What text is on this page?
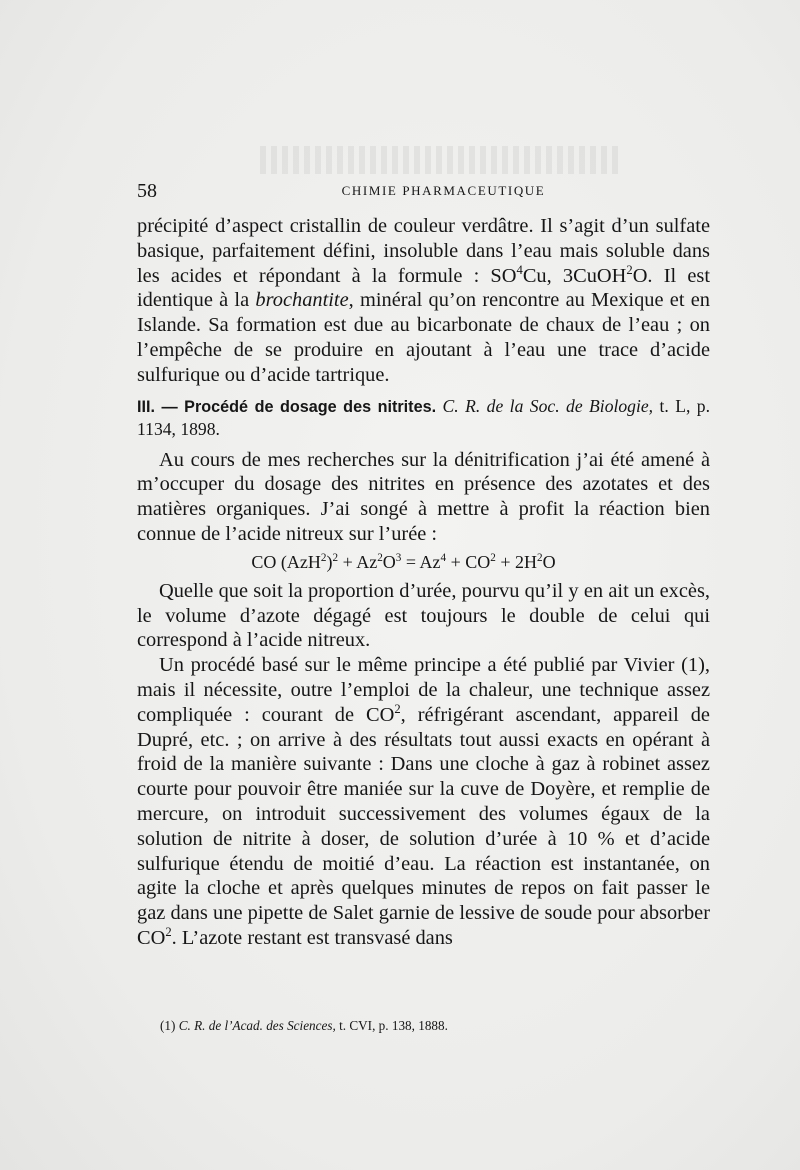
58	CHIMIE PHARMACEUTIQUE

précipité d’aspect cristallin de couleur verdâtre. Il s’agit d’un sulfate basique, parfaitement défini, insoluble dans l’eau mais soluble dans les acides et répondant à la formule : $SO^4Cu$, 3CuOH$^2$O. Il est identique à la brochantite, minéral qu’on rencontre au Mexique et en Islande. Sa formation est due au bicarbonate de chaux de l’eau ; on l’empêche de se produire en ajoutant à l’eau une trace d’acide sulfurique ou d’acide tartrique.

III. — Procédé de dosage des nitrites. C. R. de la Soc. de Biologie, t. L, p. 1134, 1898.

Au cours de mes recherches sur la dénitrification j’ai été amené à m’occuper du dosage des nitrites en présence des azotates et des matières organiques. J’ai songé à mettre à profit la réaction bien connue de l’acide nitreux sur l’urée :

CO $(AzH^2)^2 + Az^2O^3 = Az^4 + CO^2 + 2H^2O$

Quelle que soit la proportion d’urée, pourvu qu’il y en ait un excès, le volume d’azote dégagé est toujours le double de celui qui correspond à l’acide nitreux.

Un procédé basé sur le même principe a été publié par Vivier (1), mais il nécessite, outre l’emploi de la chaleur, une technique assez compliquée : courant de $CO^2$, réfrigérant ascendant, appareil de Dupré, etc. ; on arrive à des résultats tout aussi exacts en opérant à froid de la manière suivante : Dans une cloche à gaz à robinet assez courte pour pouvoir être maniée sur la cuve de Doyère, et remplie de mercure, on introduit successivement des volumes égaux de la solution de nitrite à doser, de solution d’urée à 10 % et d’acide sulfurique étendu de moitié d’eau. La réaction est instantanée, on agite la cloche et après quelques minutes de repos on fait passer le gaz dans une pipette de Salet garnie de lessive de soude pour absorber $CO^2$. L’azote restant est transvasé dans

(1) C. R. de l’Acad. des Sciences, t. CVI, p. 138, 1888.
